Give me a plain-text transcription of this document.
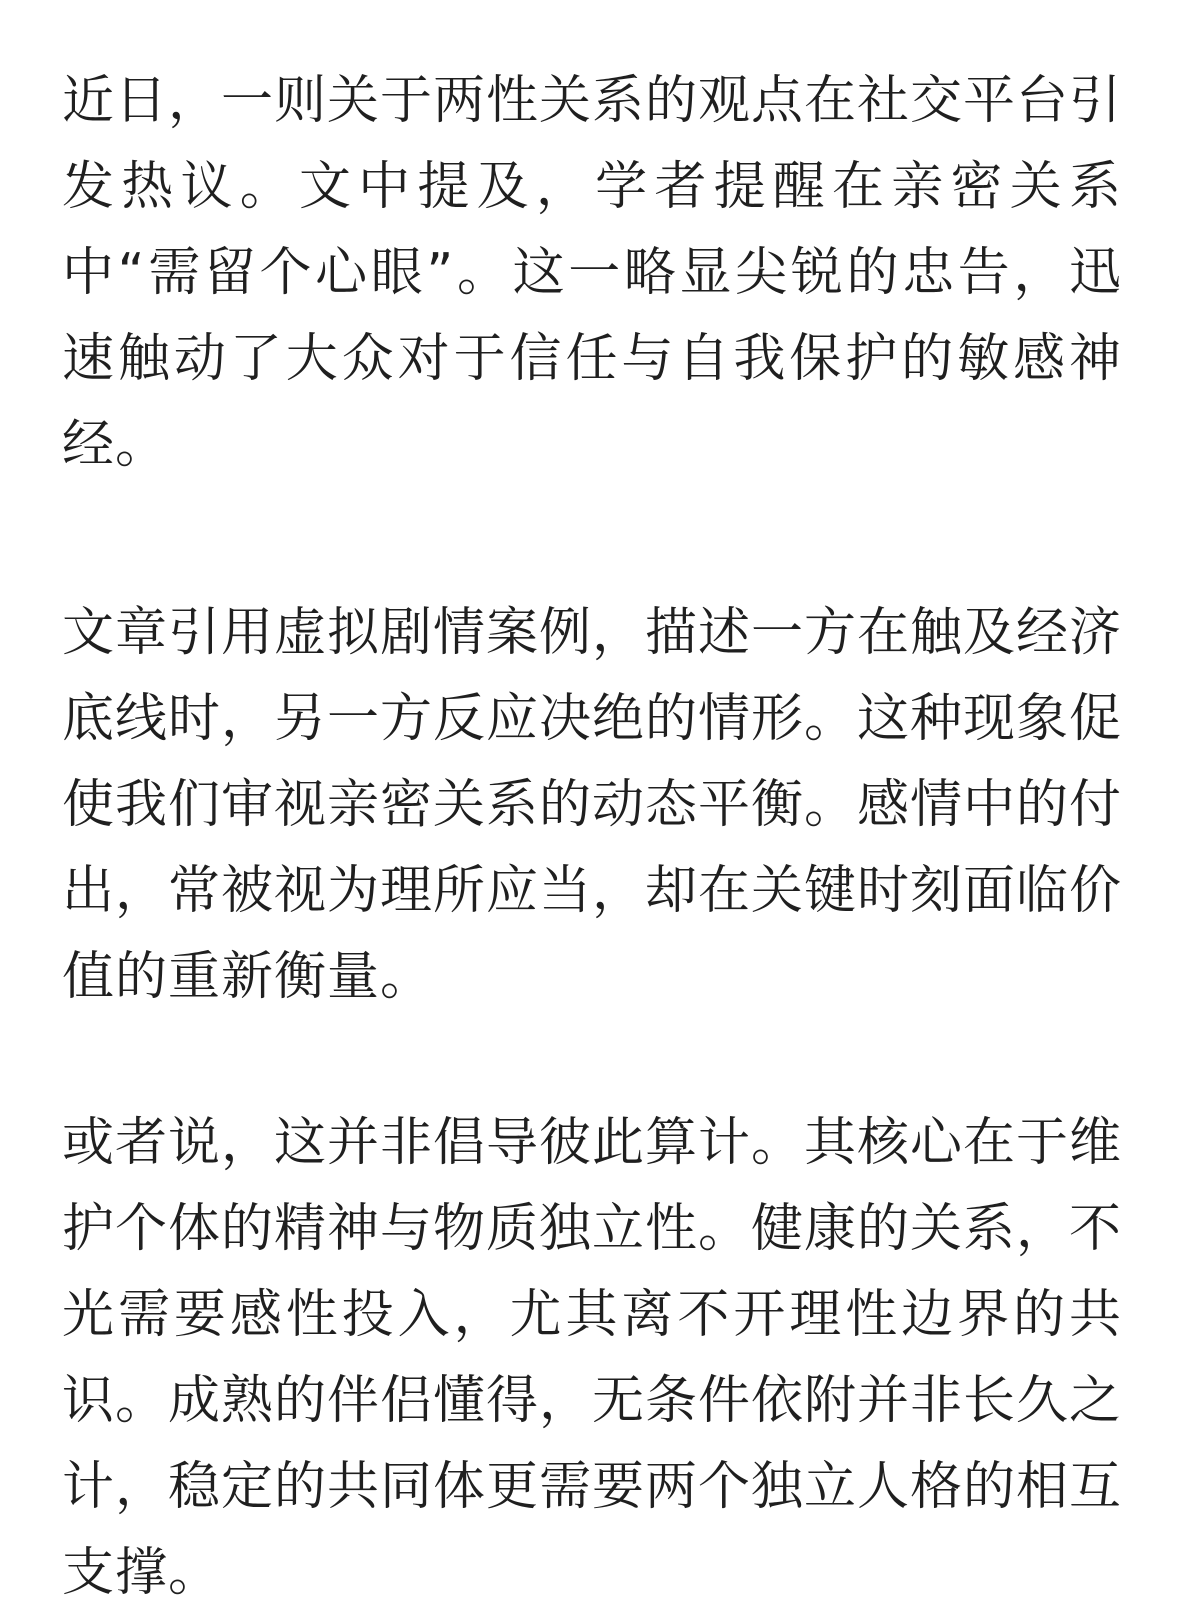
近日，一则关于两性关系的观点在社交平台引发热议。文中提及，学者提醒在亲密关系中“需留个心眼”。这一略显尖锐的忠告，迅速触动了大众对于信任与自我保护的敏感神经。

文章引用虚拟剧情案例，描述一方在触及经济底线时，另一方反应决绝的情形。这种现象促使我们审视亲密关系的动态平衡。感情中的付出，常被视为理所应当，却在关键时刻面临价值的重新衡量。

或者说，这并非倡导彼此算计。其核心在于维护个体的精神与物质独立性。健康的关系，不光需要感性投入，尤其离不开理性边界的共识。成熟的伴侣懂得，无条件依附并非长久之计，稳定的共同体更需要两个独立人格的相互支撑。
